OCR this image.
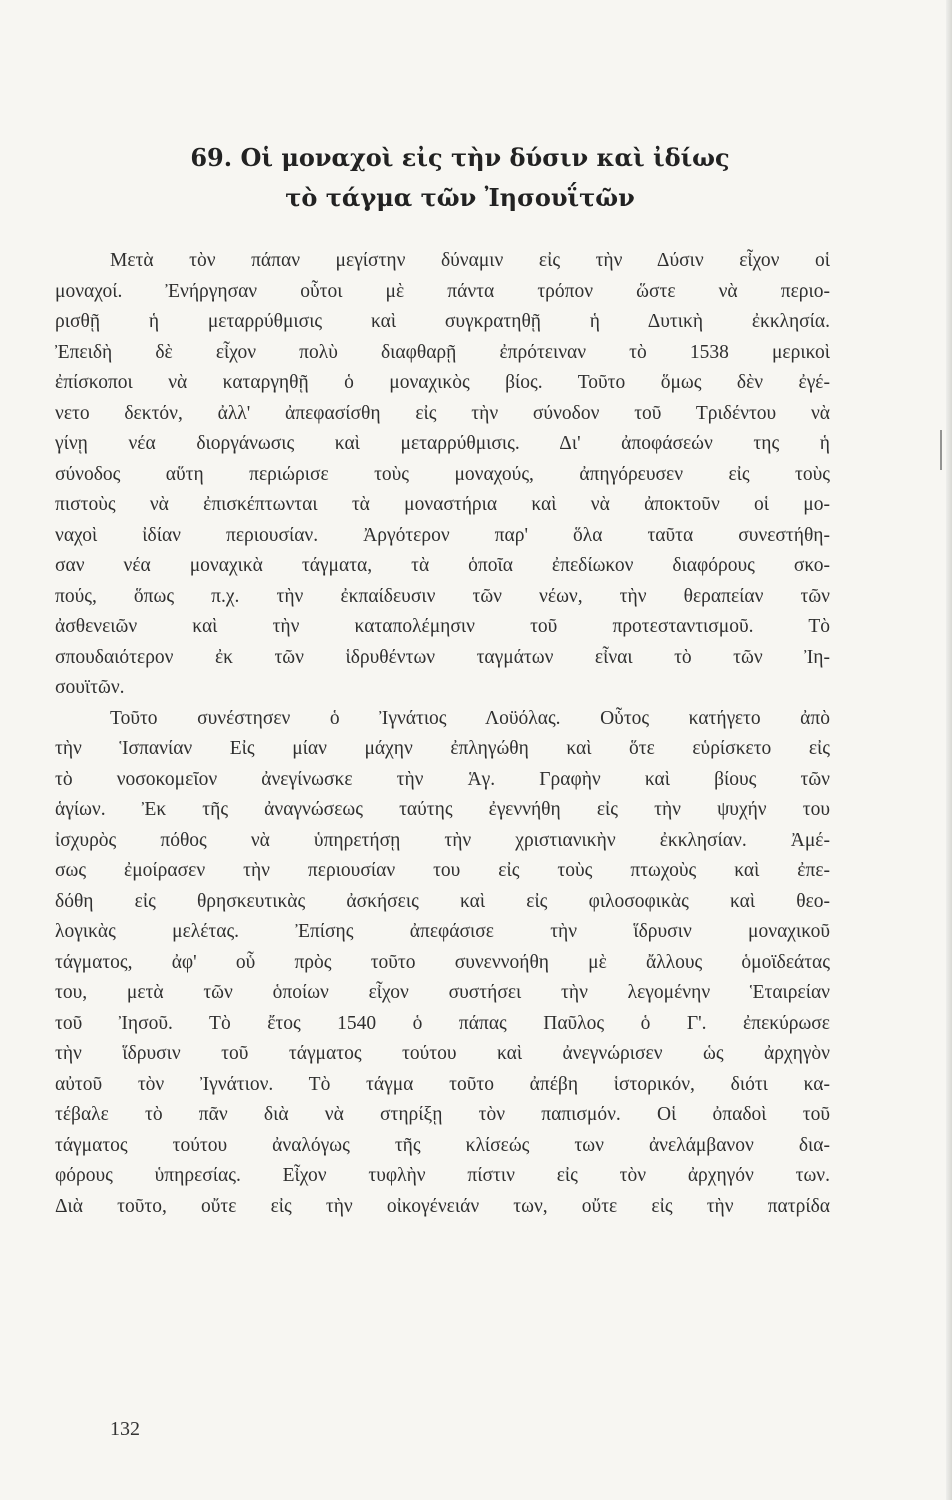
69. Οἱ μοναχοὶ εἰς τὴν δύσιν καὶ ἰδίως
τὸ τάγμα τῶν Ἰησουΐτῶν
Μετὰ τὸν πάπαν μεγίστην δύναμιν εἰς τὴν Δύσιν εἶχον οἱ
μοναχοί. Ἐνήργησαν οὗτοι μὲ πάντα τρόπον ὥστε νὰ περιο-
ρισθῇ ἡ μεταρρύθμισις καὶ συγκρατηθῇ ἡ Δυτικὴ ἐκκλησία.
Ἐπειδὴ δὲ εἶχον πολὺ διαφθαρῇ ἐπρότειναν τὸ 1538 μερικοὶ
ἐπίσκοποι νὰ καταργηθῇ ὁ μοναχικὸς βίος. Τοῦτο ὅμως δὲν ἐγέ-
νετο δεκτόν, ἀλλ' ἀπεφασίσθη εἰς τὴν σύνοδον τοῦ Τριδέντου νὰ
γίνῃ νέα διοργάνωσις καὶ μεταρρύθμισις. Δι' ἀποφάσεών της ἡ
σύνοδος αὕτη περιώρισε τοὺς μοναχούς, ἀπηγόρευσεν εἰς τοὺς
πιστοὺς νὰ ἐπισκέπτωνται τὰ μοναστήρια καὶ νὰ ἀποκτοῦν οἱ μο-
ναχοὶ ἰδίαν περιουσίαν. Ἀργότερον παρ' ὅλα ταῦτα συνεστήθη-
σαν νέα μοναχικὰ τάγματα, τὰ ὁποῖα ἐπεδίωκον διαφόρους σκο-
πούς, ὅπως π.χ. τὴν ἐκπαίδευσιν τῶν νέων, τὴν θεραπείαν τῶν
ἀσθενειῶν καὶ τὴν καταπολέμησιν τοῦ προτεσταντισμοῦ. Τὸ
σπουδαιότερον ἐκ τῶν ἱδρυθέντων ταγμάτων εἶναι τὸ τῶν Ἰη-
σουϊτῶν.
Τοῦτο συνέστησεν ὁ Ἰγνάτιος Λοϋόλας. Οὗτος κατήγετο ἀπὸ
τὴν Ἱσπανίαν Εἰς μίαν μάχην ἐπληγώθη καὶ ὅτε εὑρίσκετο εἰς
τὸ νοσοκομεῖον ἀνεγίνωσκε τὴν Ἁγ. Γραφὴν καὶ βίους τῶν
ἁγίων. Ἐκ τῆς ἀναγνώσεως ταύτης ἐγεννήθη εἰς τὴν ψυχήν του
ἰσχυρὸς πόθος νὰ ὑπηρετήσῃ τὴν χριστιανικὴν ἐκκλησίαν. Ἀμέ-
σως ἐμοίρασεν τὴν περιουσίαν του εἰς τοὺς πτωχοὺς καὶ ἐπε-
δόθη εἰς θρησκευτικὰς ἀσκήσεις καὶ εἰς φιλοσοφικὰς καὶ θεο-
λογικὰς μελέτας. Ἐπίσης ἀπεφάσισε τὴν ἵδρυσιν μοναχικοῦ
τάγματος, ἀφ' οὗ πρὸς τοῦτο συνεννοήθη μὲ ἄλλους ὁμοϊδεάτας
του, μετὰ τῶν ὁποίων εἶχον συστήσει τὴν λεγομένην Ἑταιρείαν
τοῦ Ἰησοῦ. Τὸ ἔτος 1540 ὁ πάπας Παῦλος ὁ Γ'. ἐπεκύρωσε
τὴν ἵδρυσιν τοῦ τάγματος τούτου καὶ ἀνεγνώρισεν ὡς ἀρχηγὸν
αὐτοῦ τὸν Ἰγνάτιον. Τὸ τάγμα τοῦτο ἀπέβη ἱστορικόν, διότι κα-
τέβαλε τὸ πᾶν διὰ νὰ στηρίξῃ τὸν παπισμόν. Οἱ ὀπαδοὶ τοῦ
τάγματος τούτου ἀναλόγως τῆς κλίσεώς των ἀνελάμβανον δια-
φόρους ὑπηρεσίας. Εἶχον τυφλὴν πίστιν εἰς τὸν ἀρχηγόν των.
Διὰ τοῦτο, οὔτε εἰς τὴν οἰκογένειάν των, οὔτε εἰς τὴν πατρίδα
132
